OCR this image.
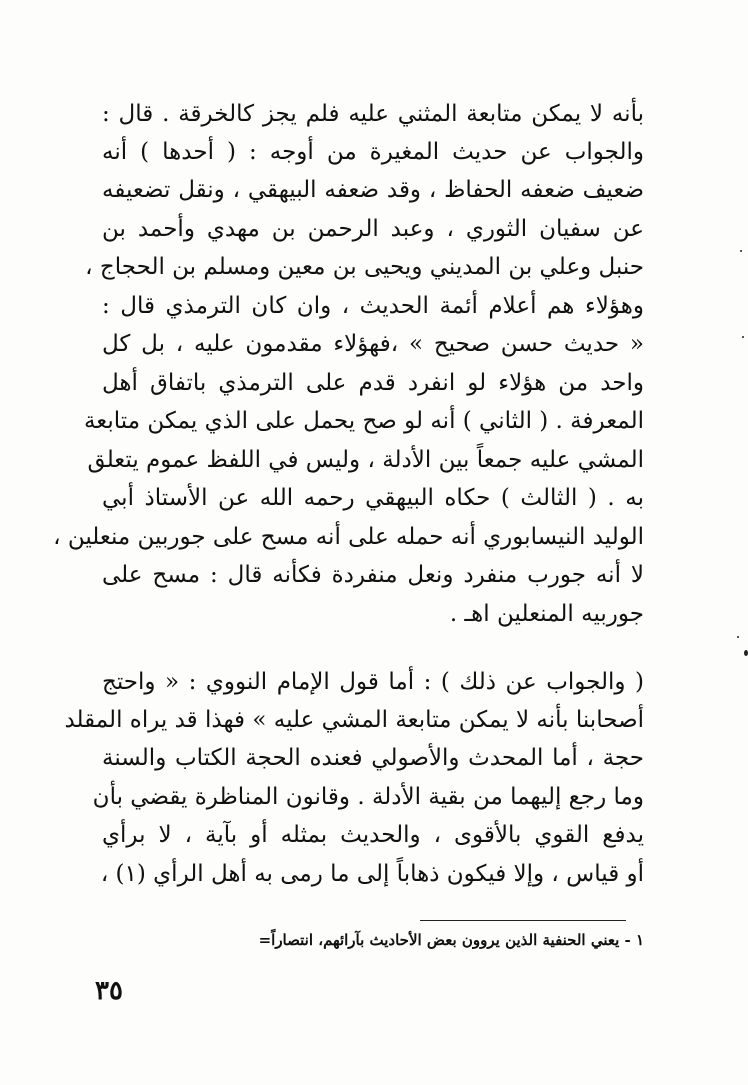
بأنه لا يمكن متابعة المثني عليه فلم يجز كالخرقة . قال :
والجواب عن حديث المغيرة من أوجه : ( أحدها ) أنه
ضعيف ضعفه الحفاظ ، وقد ضعفه البيهقي ، ونقل تضعيفه
عن سفيان الثوري ، وعبد الرحمن بن مهدي وأحمد بن
حنبل وعلي بن المديني ويحيى بن معين ومسلم بن الحجاج ،
وهؤلاء هم أعلام أئمة الحديث ، وان كان الترمذي قال :
« حديث حسن صحيح » ،فهؤلاء مقدمون عليه ، بل كل
واحد من هؤلاء لو انفرد قدم على الترمذي باتفاق أهل
المعرفة . ( الثاني ) أنه لو صح يحمل على الذي يمكن متابعة
المشي عليه جمعاً بين الأدلة ، وليس في اللفظ عموم يتعلق
به . ( الثالث ) حكاه البيهقي رحمه الله عن الأستاذ أبي
الوليد النيسابوري أنه حمله على أنه مسح على جوربين منعلين ،
لا أنه جورب منفرد ونعل منفردة فكأنه قال : مسح على
جوربيه المنعلين اهـ .
( والجواب عن ذلك ) : أما قول الإمام النووي : « واحتج
أصحابنا بأنه لا يمكن متابعة المشي عليه » فهذا قد يراه المقلد
حجة ، أما المحدث والأصولي فعنده الحجة الكتاب والسنة
وما رجع إليهما من بقية الأدلة . وقانون المناظرة يقضي بأن
يدفع القوي بالأقوى ، والحديث بمثله أو بآية ، لا برأي
أو قياس ، وإلا فيكون ذهاباً إلى ما رمى به أهل الرأي (١) ،
١ - يعني الحنفية الذين يروون بعض الأحاديث بآرائهم، انتصاراً=
٣٥
